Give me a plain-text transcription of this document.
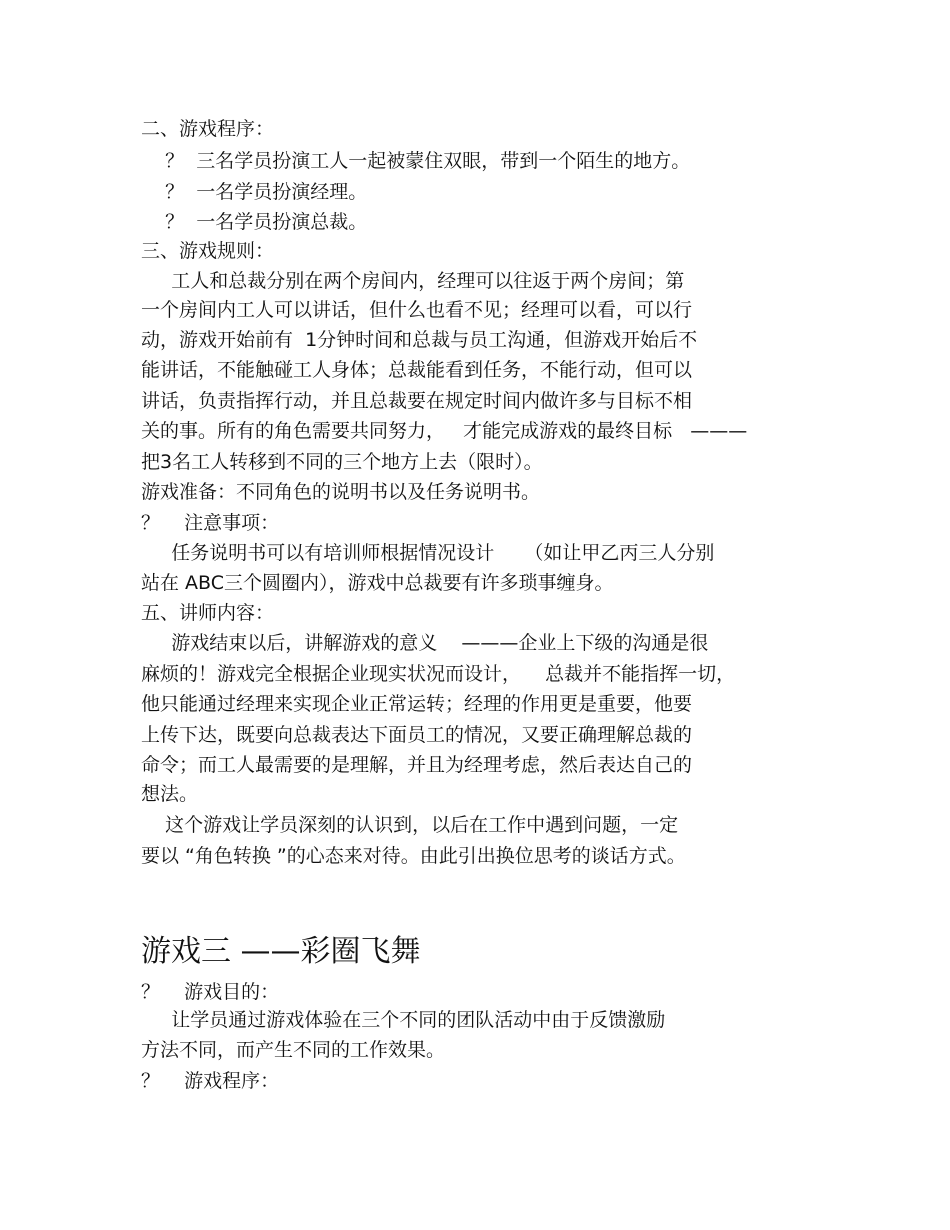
二、游戏程序：
？  三名学员扮演工人一起被蒙住双眼，带到一个陌生的地方。
？  一名学员扮演经理。
？  一名学员扮演总裁。
三、游戏规则：
工人和总裁分别在两个房间内，经理可以往返于两个房间；第
一个房间内工人可以讲话，但什么也看不见；经理可以看，可以行
动，游戏开始前有  1分钟时间和总裁与员工沟通，但游戏开始后不
能讲话，不能触碰工人身体；总裁能看到任务，不能行动，但可以
讲话，负责指挥行动，并且总裁要在规定时间内做许多与目标不相
关的事。所有的角色需要共同努力，   才能完成游戏的最终目标   ———
把3名工人转移到不同的三个地方上去（限时）。
游戏准备：不同角色的说明书以及任务说明书。
？    注意事项：
任务说明书可以有培训师根据情况设计     （如让甲乙丙三人分别
站在 ABC三个圆圈内），游戏中总裁要有许多琐事缠身。
五、讲师内容：
游戏结束以后，讲解游戏的意义    ———企业上下级的沟通是很
麻烦的！游戏完全根据企业现实状况而设计，    总裁并不能指挥一切，
他只能通过经理来实现企业正常运转；经理的作用更是重要，他要
上传下达，既要向总裁表达下面员工的情况，又要正确理解总裁的
命令；而工人最需要的是理解，并且为经理考虑，然后表达自己的
想法。
这个游戏让学员深刻的认识到，以后在工作中遇到问题，一定
要以 “角色转换 ”的心态来对待。由此引出换位思考的谈话方式。
游戏三 ——彩圈飞舞
？    游戏目的：
让学员通过游戏体验在三个不同的团队活动中由于反馈激励
方法不同，而产生不同的工作效果。
？    游戏程序：
